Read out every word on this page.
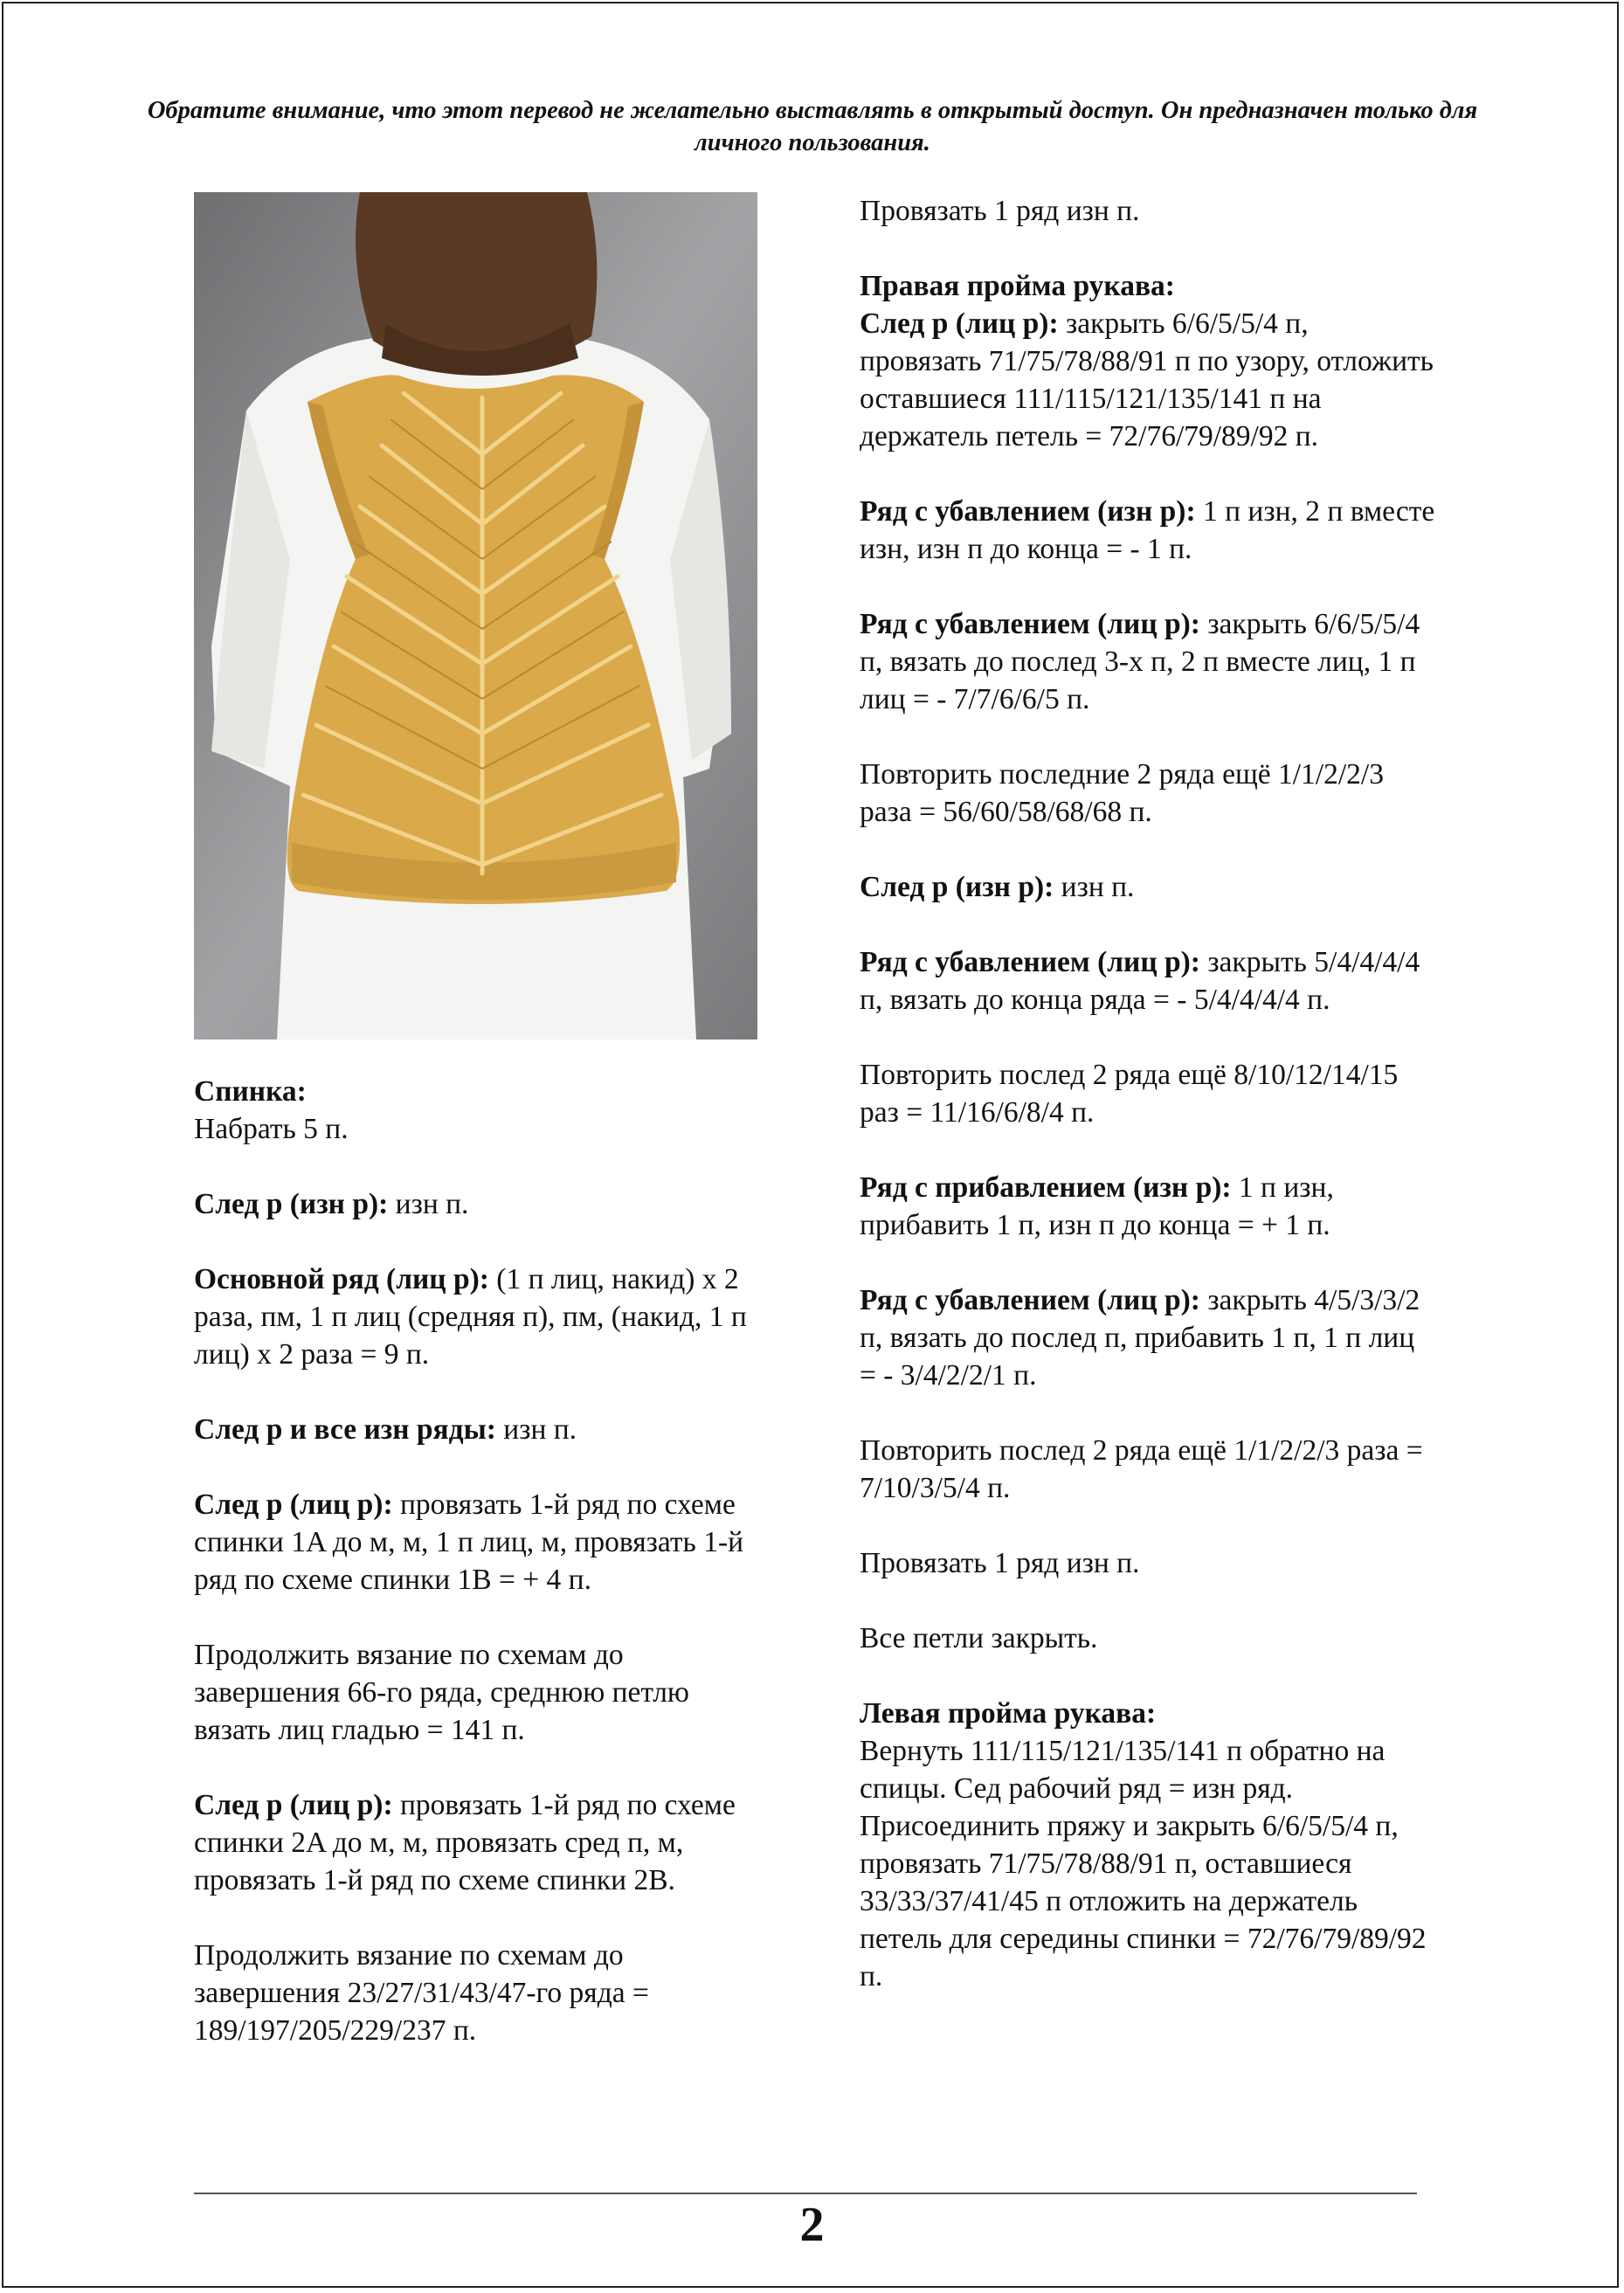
Обратите внимание, что этот перевод не желательно выставлять в открытый доступ. Он предназначен только для личного пользования.
Спинка:
Набрать 5 п.
След р (изн р): изн п.
Основной ряд (лиц р): (1 п лиц, накид) х 2 раза, пм, 1 п лиц (средняя п), пм, (накид, 1 п лиц) х 2 раза = 9 п.
След р и все изн ряды: изн п.
След р (лиц р): провязать 1-й ряд по схеме спинки 1A до м, м, 1 п лиц, м, провязать 1-й ряд по схеме спинки 1B = + 4 п.
Продолжить вязание по схемам до завершения 66-го ряда, среднюю петлю вязать лиц гладью = 141 п.
След р (лиц р): провязать 1-й ряд по схеме спинки 2A до м, м, провязать сред п, м, провязать 1-й ряд по схеме спинки 2B.
Продолжить вязание по схемам до завершения 23/27/31/43/47-го ряда = 189/197/205/229/237 п.
Провязать 1 ряд изн п.
Правая пройма рукава:
След р (лиц р): закрыть 6/6/5/5/4 п, провязать 71/75/78/88/91 п по узору, отложить оставшиеся 111/115/121/135/141 п на держатель петель = 72/76/79/89/92 п.
Ряд с убавлением (изн р): 1 п изн, 2 п вместе изн, изн п до конца = - 1 п.
Ряд с убавлением (лиц р): закрыть 6/6/5/5/4 п, вязать до послед 3-х п, 2 п вместе лиц, 1 п лиц = - 7/7/6/6/5 п.
Повторить последние 2 ряда ещё 1/1/2/2/3 раза = 56/60/58/68/68 п.
След р (изн р): изн п.
Ряд с убавлением (лиц р): закрыть 5/4/4/4/4 п, вязать до конца ряда = - 5/4/4/4/4 п.
Повторить послед 2 ряда ещё 8/10/12/14/15 раз = 11/16/6/8/4 п.
Ряд с прибавлением (изн р): 1 п изн, прибавить 1 п, изн п до конца = + 1 п.
Ряд с убавлением (лиц р): закрыть 4/5/3/3/2 п, вязать до послед п, прибавить 1 п, 1 п лиц = - 3/4/2/2/1 п.
Повторить послед 2 ряда ещё 1/1/2/2/3 раза = 7/10/3/5/4 п.
Провязать 1 ряд изн п.
Все петли закрыть.
Левая пройма рукава:
Вернуть 111/115/121/135/141 п обратно на спицы. Сед рабочий ряд = изн ряд. Присоединить пряжу и закрыть 6/6/5/5/4 п, провязать 71/75/78/88/91 п, оставшиеся 33/33/37/41/45 п отложить на держатель петель для середины спинки = 72/76/79/89/92 п.
2
